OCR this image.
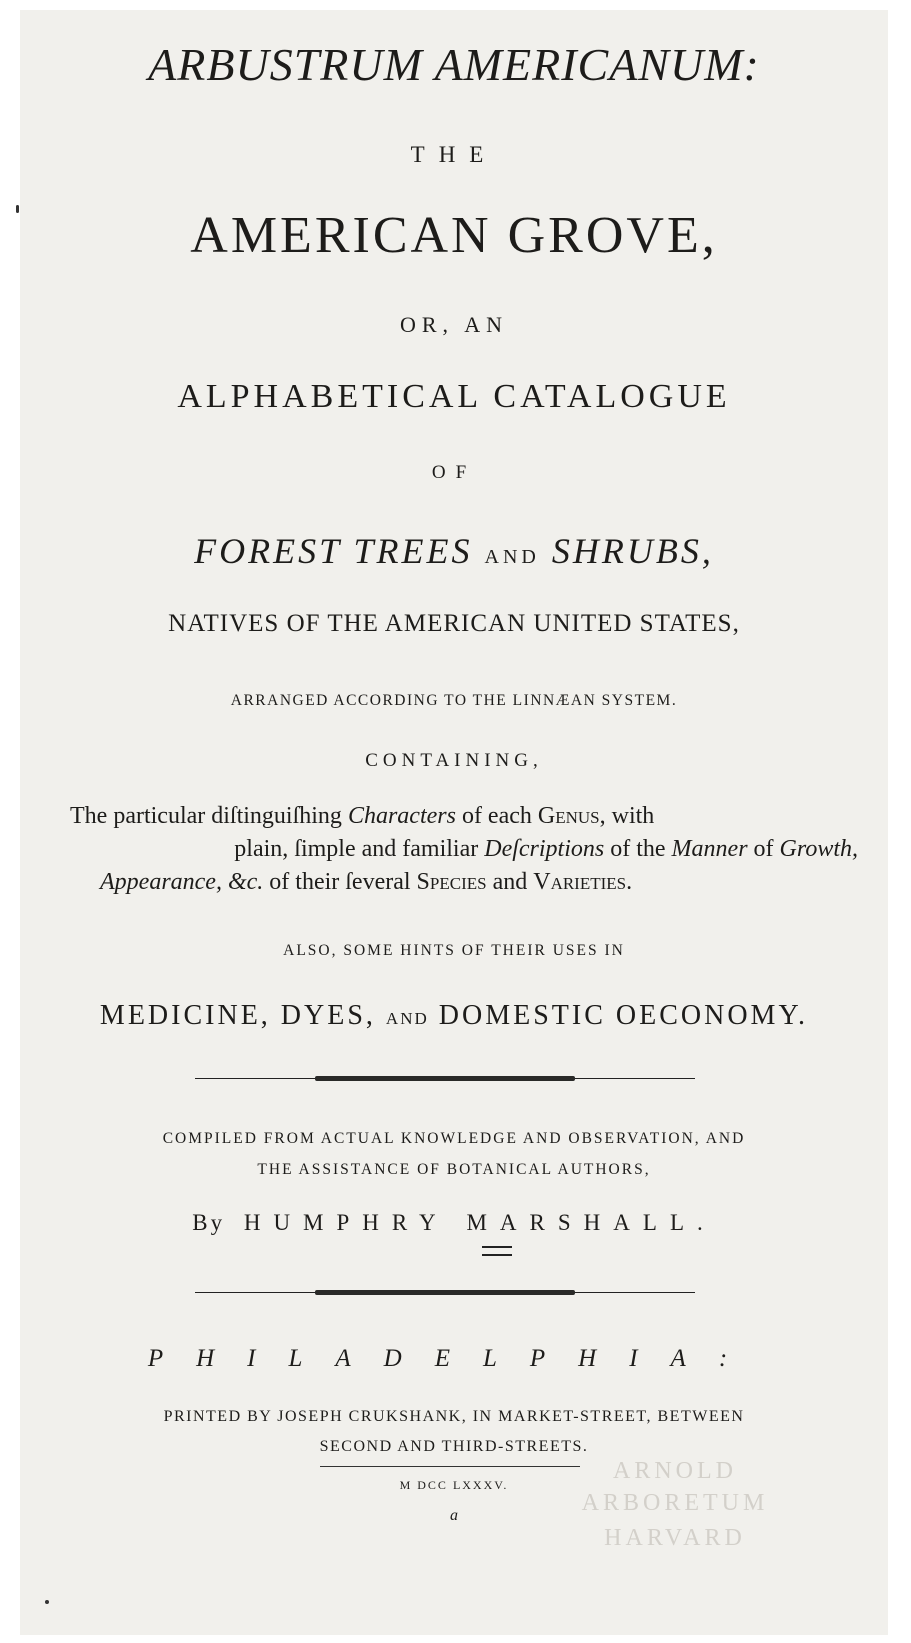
ARBUSTRUM AMERICANUM:

THE

AMERICAN GROVE,

OR, AN

ALPHABETICAL CATALOGUE

OF

FOREST TREES AND SHRUBS,

NATIVES OF THE AMERICAN UNITED STATES,

ARRANGED ACCORDING TO THE LINNÆAN SYSTEM.

CONTAINING,

The particular diſtinguiſhing Characters of each Genus, with
plain, ſimple and familiar Deſcriptions of the Manner of Growth,
Appearance, &c. of their ſeveral Species and Varieties.

ALSO, SOME HINTS OF THEIR USES IN

MEDICINE, DYES, AND DOMESTIC OECONOMY.

COMPILED FROM ACTUAL KNOWLEDGE AND OBSERVATION, AND

THE ASSISTANCE OF BOTANICAL AUTHORS,

By HUMPHRY MARSHALL.

PHILADELPHIA:

PRINTED BY JOSEPH CRUKSHANK, IN MARKET-STREET, BETWEEN

SECOND AND THIRD-STREETS.

M DCC LXXXV.

a

ARNOLD
ARBORETUM
HARVARD
